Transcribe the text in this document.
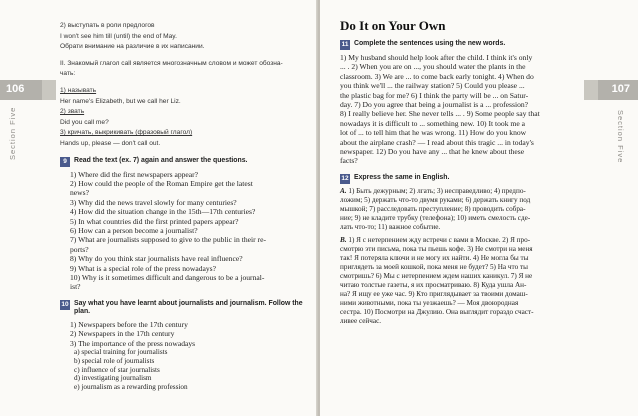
106
Section Five

2) выступать в роли предлогов

I won't see him till (until) the end of May.

Обрати внимание на различие в их написании.

II. Знакомый глагол call является многозначным словом и может обозна-

чать:

1) называть

Her name's Elizabeth, but we call her Liz.

2) звать

Did you call me?

3) кричать, выкрикивать (фразовый глагол)

Hands up, please — don't call out.

9	Read the text (ex. 7) again and answer the questions.
1) Where did the first newspapers appear?
2) How could the people of the Roman Empire get the latest
news?
3) Why did the news travel slowly for many centuries?
4) How did the situation change in the 15th—17th centuries?
5) In what countries did the first printed papers appear?
6) How can a person become a journalist?
7) What are journalists supposed to give to the public in their re-
ports?
8) Why do you think star journalists have real influence?
9) What is a special role of the press nowadays?
10) Why is it sometimes difficult and dangerous to be a journal-
ist?
10 Say what you have learnt about journalists and journalism. Follow the
plan.
1) Newspapers before the 17th century
2) Newspapers in the 17th century
3) The importance of the press nowadays
a) special training for journalists
b) special role of journalists
c) influence of star journalists
d) investigating journalism
e) journalism as a rewarding profession
107
Section Five
Do It on Your Own
11 Complete the sentences using the new words.
1) My husband should help look after the child. I think it's only
... . 2) When you are on ..., you should water the plants in the
classroom. 3) We are ... to come back early tonight. 4) When do
you think we'll ... the railway station? 5) Could you please ...
the plastic bag for me? 6) I think the party will be ... on Satur-
day. 7) Do you agree that being a journalist is a ... profession?
8) I really believe her. She never tells ... . 9) Some people say that
nowadays it is difficult to ... something new. 10) It took me a
lot of ... to tell him that he was wrong. 11) How do you know
about the airplane crash? — I read about this tragic ... in today's
newspaper. 12) Do you have any ... that he knew about these
facts?
12 Express the same in English.
A. 1) Быть дежурным; 2) лгать; 3) несправедливо; 4) предпо-
ложим; 5) держать что-то двумя руками; 6) держать книгу под
мышкой; 7) расследовать преступление; 8) проводить собра-
ние; 9) не кладите трубку (телефона); 10) иметь смелость сде-
лать что-то; 11) важное событие.
B. 1) Я с нетерпением жду встречи с вами в Москве. 2) Я про-
смотрю эти письма, пока ты пьешь кофе. 3) Не смотри на меня
так! Я потеряла ключи и не могу их найти. 4) Не могла бы ты
приглядеть за моей кошкой, пока меня не будет? 5) На что ты
смотришь? 6) Мы с нетерпением ждем наших каникул. 7) Я не
читаю толстые газеты, я их просматриваю. 8) Куда ушла Ан-
на? Я ищу ее уже час. 9) Кто приглядывает за твоими домаш-
ними животными, пока ты уезжаешь? — Моя двоюродная
сестра. 10) Посмотри на Джулию. Она выглядит гораздо счаст-
ливее сейчас.
